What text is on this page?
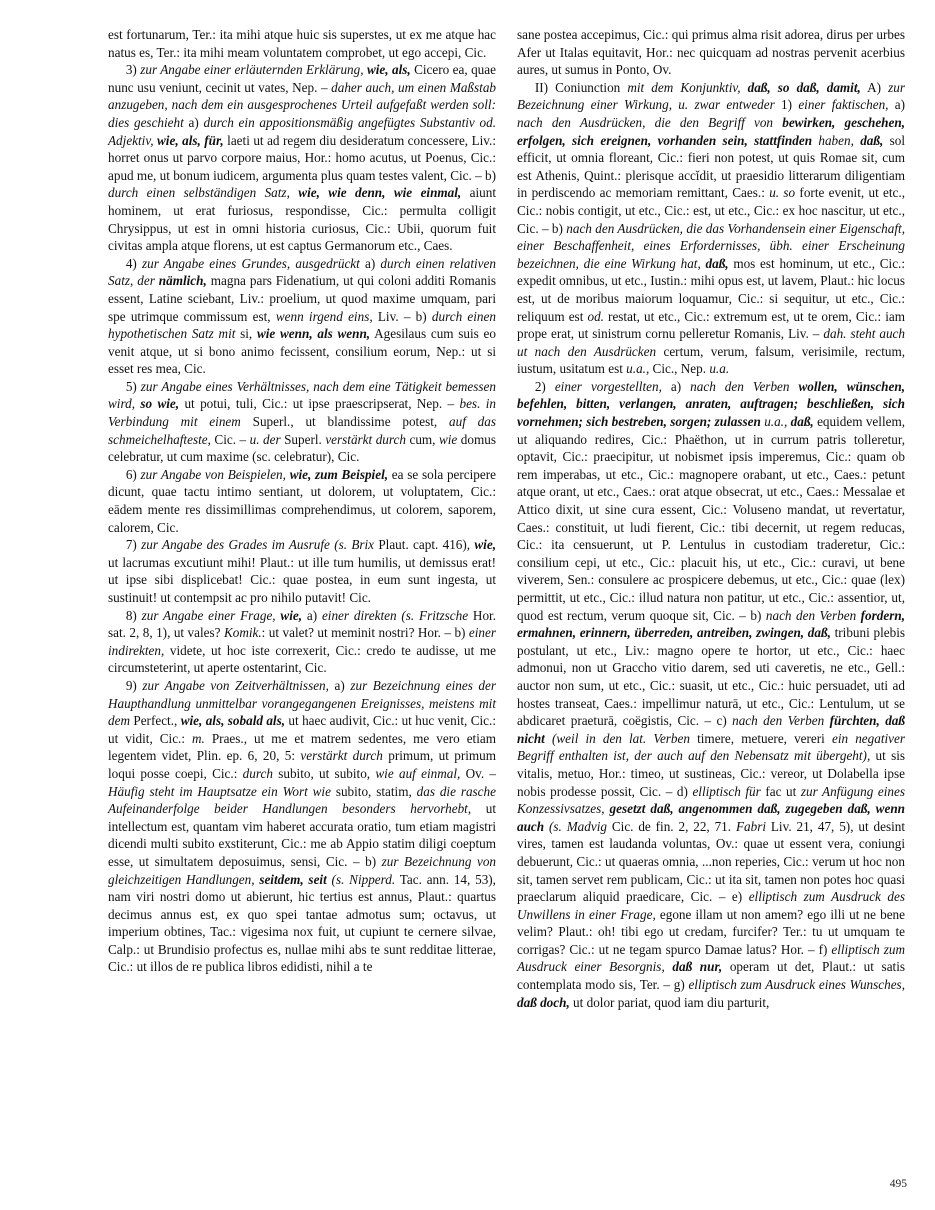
est fortunarum, Ter.: ita mihi atque huic sis superstes, ut ex me atque hac natus es, Ter.: ita mihi meam voluntatem comprobet, ut ego accepi, Cic.

3) zur Angabe einer erläuternden Erklärung, wie, als, Cicero ea, quae nunc usu veniunt, cecinit ut vates, Nep. – daher auch, um einen Maßstab anzugeben, nach dem ein ausgesprochenes Urteil aufgefaßt werden soll: dies geschieht a) durch ein appositionsmäßig angefügtes Substantiv od. Adjektiv, wie, als, für, laeti ut ad regem diu desideratum concessere, Liv.: horret onus ut parvo corpore maius, Hor.: homo acutus, ut Poenus, Cic.: apud me, ut bonum iudicem, argumenta plus quam testes valent, Cic. – b) durch einen selbständigen Satz, wie, wie denn, wie einmal, aiunt hominem, ut erat furiosus, respondisse, Cic.: permulta colligit Chrysippus, ut est in omni historia curiosus, Cic.: Ubii, quorum fuit civitas ampla atque florens, ut est captus Germanorum etc., Caes.

4) zur Angabe eines Grundes, ausgedrückt a) durch einen relativen Satz, der nämlich, magna pars Fidenatium, ut qui coloni additi Romanis essent, Latine sciebant, Liv.: proelium, ut quod maxime umquam, pari spe utrimque commissum est, wenn irgend eins, Liv. – b) durch einen hypothetischen Satz mit si, wie wenn, als wenn, Agesilaus cum suis eo venit atque, ut si bono animo fecissent, consilium eorum, Nep.: ut si esset res mea, Cic.

5) zur Angabe eines Verhältnisses, nach dem eine Tätigkeit bemessen wird, so wie, ut potui, tuli, Cic.: ut ipse praescripserat, Nep. – bes. in Verbindung mit einem Superl., ut blandissime potest, auf das schmeichelhafteste, Cic. – u. der Superl. verstärkt durch cum, wie domus celebratur, ut cum maxime (sc. celebratur), Cic.

6) zur Angabe von Beispielen, wie, zum Beispiel, ea se sola percipere dicunt, quae tactu intimo sentiant, ut dolorem, ut voluptatem, Cic.: eādem mente res dissimillimas comprehendimus, ut colorem, saporem, calorem, Cic.

7) zur Angabe des Grades im Ausrufe (s. Brix Plaut. capt. 416), wie, ut lacrumas excutiunt mihi! Plaut.: ut ille tum humilis, ut demissus erat! ut ipse sibi displicebat! Cic.: quae postea, in eum sunt ingesta, ut sustinuit! ut contempsit ac pro nihilo putavit! Cic.

8) zur Angabe einer Frage, wie, a) einer direkten (s. Fritzsche Hor. sat. 2, 8, 1), ut vales? Komik.: ut valet? ut meminit nostri? Hor. – b) einer indirekten, videte, ut hoc iste correxerit, Cic.: credo te audisse, ut me circumsteterint, ut aperte ostentarint, Cic.

9) zur Angabe von Zeitverhältnissen, a) zur Bezeichnung eines der Haupthandlung unmittelbar vorangegangenen Ereignisses, meistens mit dem Perfect., wie, als, sobald als, ut haec audivit, Cic.: ut huc venit, Cic.: ut vidit, Cic.: m. Praes., ut me et matrem sedentes, me vero etiam legentem videt, Plin. ep. 6, 20, 5: verstärkt durch primum, ut primum loqui posse coepi, Cic.: durch subito, ut subito, wie auf einmal, Ov. – Häufig steht im Hauptsatze ein Wort wie subito, statim, das die rasche Aufeinanderfolge beider Handlungen besonders hervorhebt, ut intellectum est, quantam vim haberet accurata oratio, tum etiam magistri dicendi multi subito exstiterunt, Cic.: me ab Appio statim diligi coeptum esse, ut simultatem deposuimus, sensi, Cic. – b) zur Bezeichnung von gleichzeitigen Handlungen, seitdem, seit (s. Nipperd. Tac. ann. 14, 53), nam viri nostri domo ut abierunt, hic tertius est annus, Plaut.: quartus decimus annus est, ex quo spei tantae admotus sum; octavus, ut imperium obtines, Tac.: vigesima nox fuit, ut cupiunt te cernere silvae, Calp.: ut Brundisio profectus es, nullae mihi abs te sunt redditae litterae, Cic.: ut illos de re publica libros edidisti, nihil a te

sane postea accepimus, Cic.: qui primus alma risit adorea, dirus per urbes Afer ut Italas equitavit, Hor.: nec quicquam ad nostras pervenit acerbius aures, ut sumus in Ponto, Ov.

II) Coniunction mit dem Konjunktiv, daß, so daß, damit, A) zur Bezeichnung einer Wirkung, u. zwar entweder 1) einer faktischen, a) nach den Ausdrücken, die den Begriff von bewirken, geschehen, erfolgen, sich ereignen, vorhanden sein, stattfinden haben, daß, sol efficit, ut omnia floreant, Cic.: fieri non potest, ut quis Romae sit, cum est Athenis, Quint.: plerisque accĭdit, ut praesidio litterarum diligentiam in perdiscendo ac memoriam remittant, Caes.: u. so forte evenit, ut etc., Cic.: nobis contigit, ut etc., Cic.: est, ut etc., Cic.: ex hoc nascitur, ut etc., Cic. – b) nach den Ausdrücken, die das Vorhandensein einer Eigenschaft, einer Beschaffenheit, eines Erfordernisses, übh. einer Erscheinung bezeichnen, die eine Wirkung hat, daß, mos est hominum, ut etc., Cic.: expedit omnibus, ut etc., Iustin.: mihi opus est, ut lavem, Plaut.: hic locus est, ut de moribus maiorum loquamur, Cic.: si sequitur, ut etc., Cic.: reliquum est od. restat, ut etc., Cic.: extremum est, ut te orem, Cic.: iam prope erat, ut sinistrum cornu pelleretur Romanis, Liv. – dah. steht auch ut nach den Ausdrücken certum, verum, falsum, verisimile, rectum, iustum, usitatum est u.a., Cic., Nep. u.a.

2) einer vorgestellten, a) nach den Verben wollen, wünschen, befehlen, bitten, verlangen, anraten, auftragen; beschließen, sich vornehmen; sich bestreben, sorgen; zulassen u.a., daß, equidem vellem, ut aliquando redires, Cic.: Phaëthon, ut in currum patris tolleretur, optavit, Cic.: praecipitur, ut nobismet ipsis imperemus, Cic.: quam ob rem imperabas, ut etc., Cic.: magnopere orabant, ut etc., Caes.: petunt atque orant, ut etc., Caes.: orat atque obsecrat, ut etc., Caes.: Messalae et Attico dixit, ut sine cura essent, Cic.: Voluseno mandat, ut revertatur, Caes.: constituit, ut ludi fierent, Cic.: tibi decernit, ut regem reducas, Cic.: ita censuerunt, ut P. Lentulus in custodiam traderetur, Cic.: consilium cepi, ut etc., Cic.: placuit his, ut etc., Cic.: curavi, ut bene viverem, Sen.: consulere ac prospicere debemus, ut etc., Cic.: quae (lex) permittit, ut etc., Cic.: illud natura non patitur, ut etc., Cic.: assentior, ut, quod est rectum, verum quoque sit, Cic. – b) nach den Verben fordern, ermahnen, erinnern, überreden, antreiben, zwingen, daß, tribuni plebis postulant, ut etc., Liv.: magno opere te hortor, ut etc., Cic.: haec admonui, non ut Graccho vitio darem, sed uti caveretis, ne etc., Gell.: auctor non sum, ut etc., Cic.: suasit, ut etc., Cic.: huic persuadet, uti ad hostes transeat, Caes.: impellimur naturā, ut etc., Cic.: Lentulum, ut se abdicaret praeturā, coëgistis, Cic. – c) nach den Verben fürchten, daß nicht (weil in den lat. Verben timere, metuere, vereri ein negativer Begriff enthalten ist, der auch auf den Nebensatz mit übergeht), ut sis vitalis, metuo, Hor.: timeo, ut sustineas, Cic.: vereor, ut Dolabella ipse nobis prodesse possit, Cic. – d) elliptisch für fac ut zur Anfügung eines Konzessivsatzes, gesetzt daß, angenommen daß, zugegeben daß, wenn auch (s. Madvig Cic. de fin. 2, 22, 71. Fabri Liv. 21, 47, 5), ut desint vires, tamen est laudanda voluntas, Ov.: quae ut essent vera, coniungi debuerunt, Cic.: ut quaeras omnia, ...non reperies, Cic.: verum ut hoc non sit, tamen servet rem publicam, Cic.: ut ita sit, tamen non potes hoc quasi praeclarum aliquid praedicare, Cic. – e) elliptisch zum Ausdruck des Unwillens in einer Frage, egone illam ut non amem? ego illi ut ne bene velim? Plaut.: oh! tibi ego ut credam, furcifer? Ter.: tu ut umquam te corrigas? Cic.: ut ne tegam spurco Damae latus? Hor. – f) elliptisch zum Ausdruck einer Besorgnis, daß nur, operam ut det, Plaut.: ut satis contemplata modo sis, Ter. – g) elliptisch zum Ausdruck eines Wunsches, daß doch, ut dolor pariat, quod iam diu parturit,

495
